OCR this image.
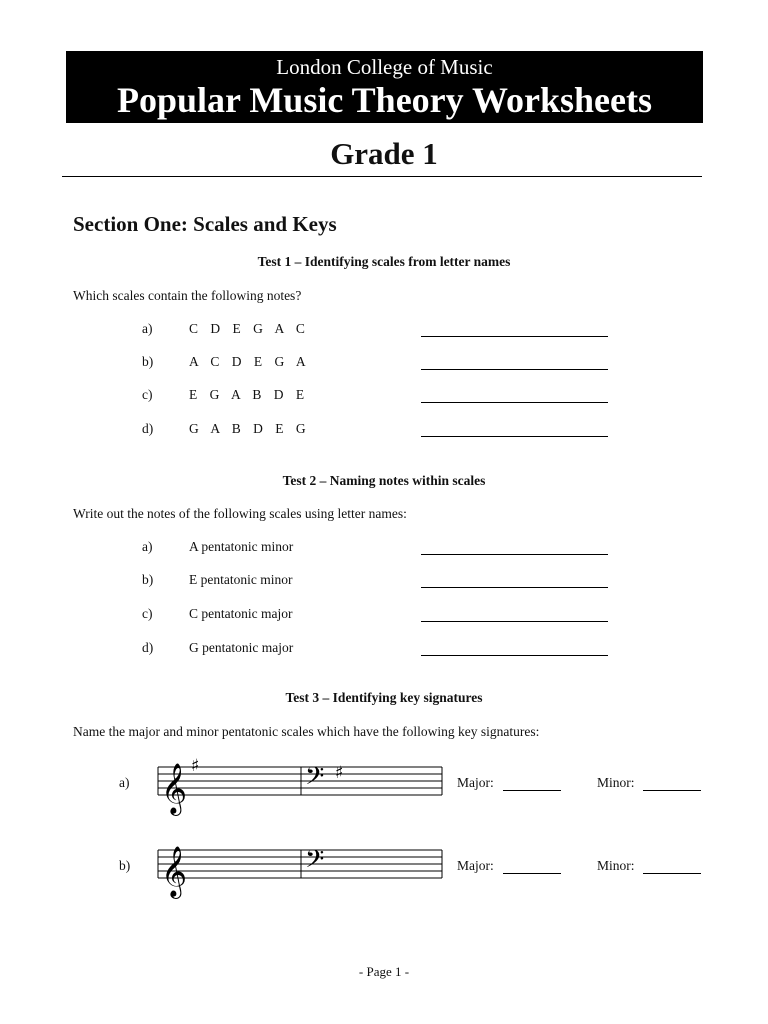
London College of Music
Popular Music Theory Worksheets
Grade 1
Section One: Scales and Keys
Test 1 – Identifying scales from letter names
Which scales contain the following notes?
a)	C D E G A C
b)	A C D E G A
c)	E G A B D E
d)	G A B D E G
Test 2 – Naming notes within scales
Write out the notes of the following scales using letter names:
a)	A pentatonic minor
b)	E pentatonic minor
c)	C pentatonic major
d)	G pentatonic major
Test 3 – Identifying key signatures
Name the major and minor pentatonic scales which have the following key signatures:
a) 𝄞 ♯	𝄢 ♯	Major:	Minor:
b) 𝄞	𝄢	Major:	Minor:
- Page 1 -
